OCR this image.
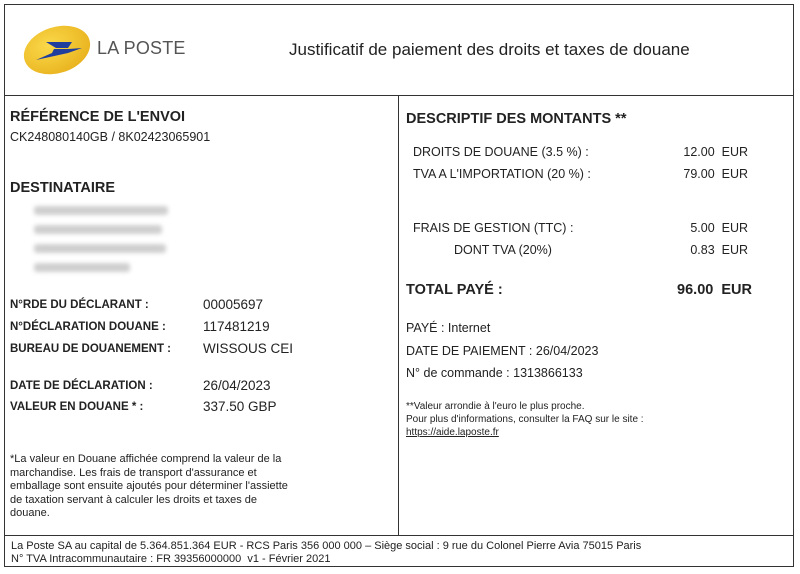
LA POSTE	Justificatif de paiement des droits et taxes de douane
RÉFÉRENCE DE L'ENVOI
CK248080140GB / 8K02423065901
DESTINATAIRE
N°RDE DU DÉCLARANT :	00005697
N°DÉCLARATION DOUANE :	117481219
BUREAU DE DOUANEMENT : WISSOUS CEI
DATE DE DÉCLARATION :	26/04/2023
VALEUR EN DOUANE * :	337.50 GBP
*La valeur en Douane affichée comprend la valeur de la marchandise. Les frais de transport d'assurance et emballage sont ensuite ajoutés pour déterminer l'assiette de taxation servant à calculer les droits et taxes de douane.
DESCRIPTIF DES MONTANTS **
DROITS DE DOUANE (3.5 %) :	12.00  EUR
TVA A L'IMPORTATION (20 %) :	79.00  EUR
FRAIS DE GESTION (TTC) :	5.00  EUR
DONT TVA (20%)	0.83  EUR
TOTAL PAYÉ :	96.00  EUR
PAYÉ : Internet
DATE DE PAIEMENT : 26/04/2023
N° de commande : 1313866133
**Valeur arrondie à l'euro le plus proche.
Pour plus d'informations, consulter la FAQ sur le site :
https://aide.laposte.fr
La Poste SA au capital de 5.364.851.364 EUR - RCS Paris 356 000 000 – Siège social : 9 rue du Colonel Pierre Avia 75015 Paris
N° TVA Intracommunautaire : FR 39356000000  v1 - Février 2021
